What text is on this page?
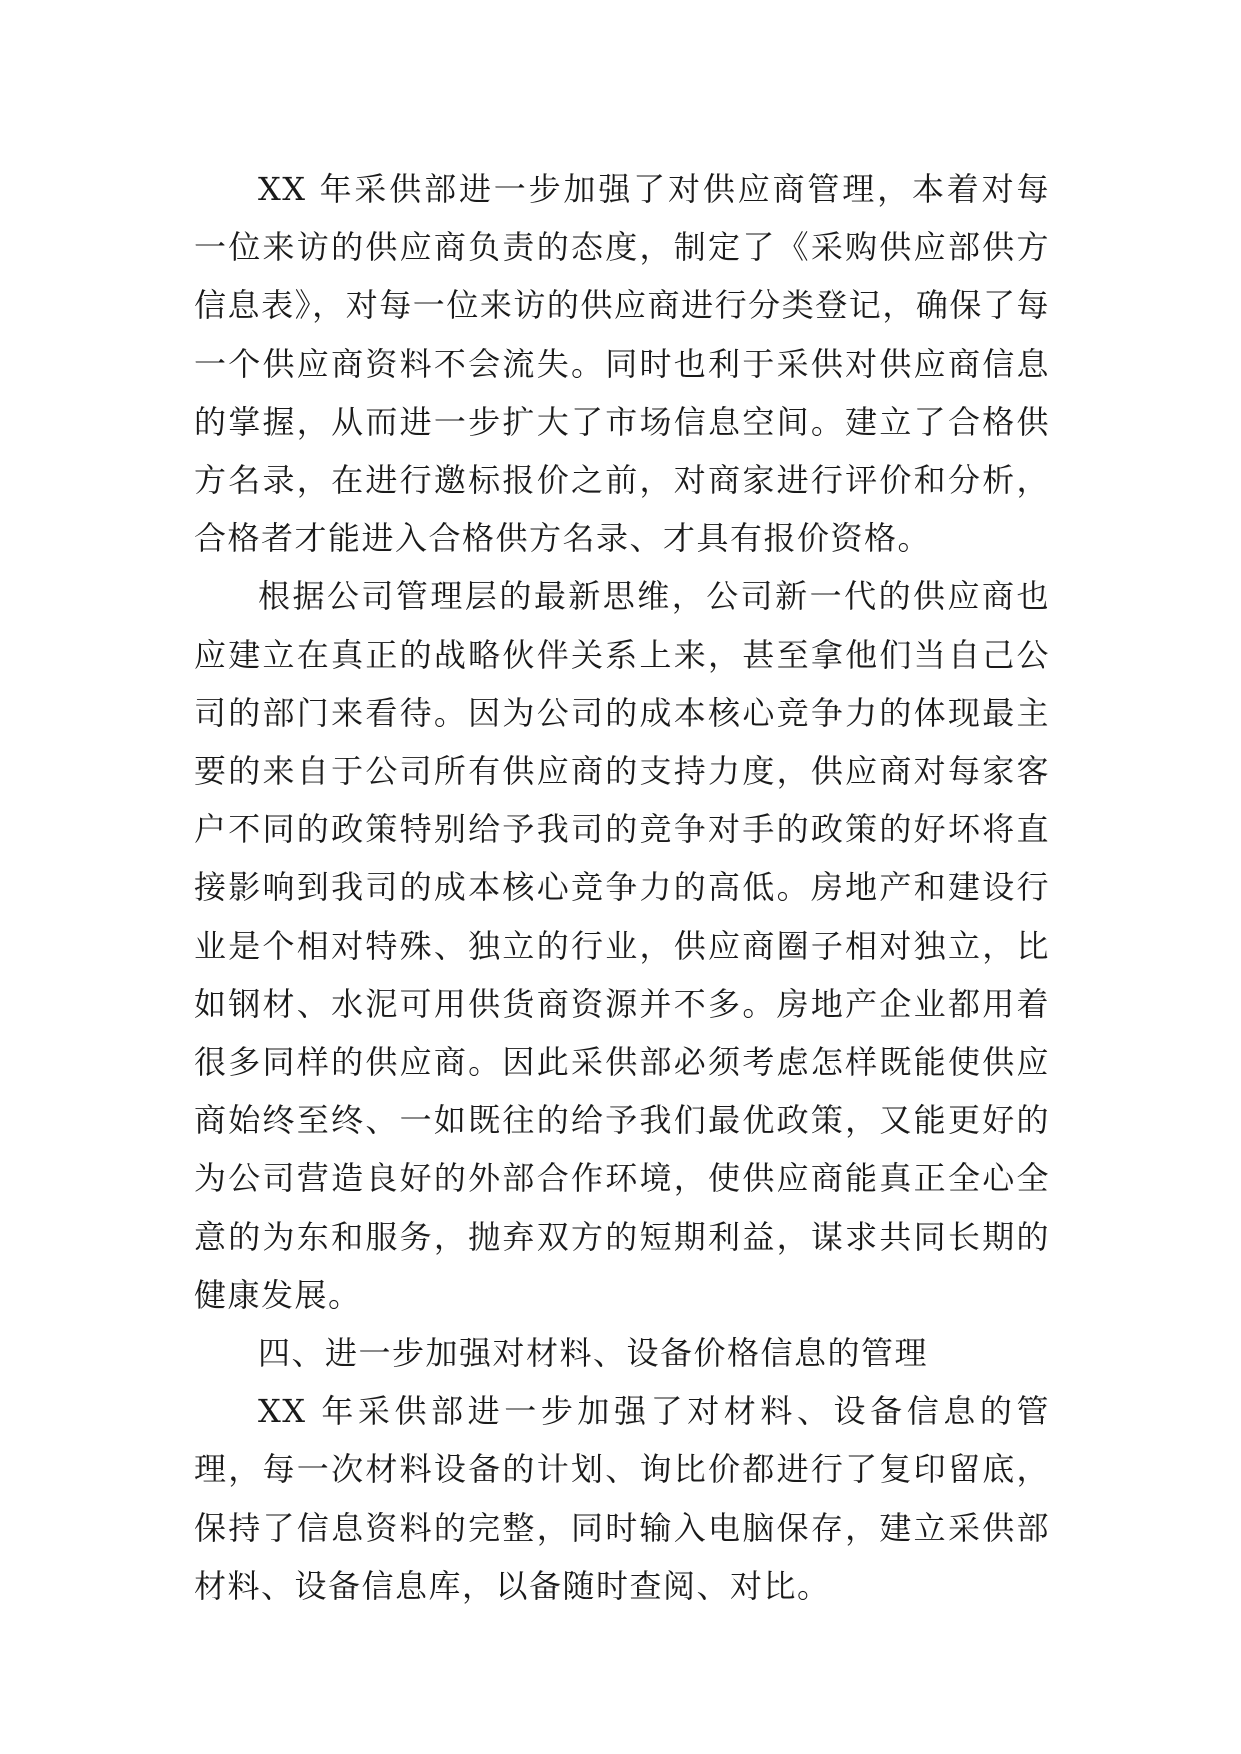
XX 年采供部进一步加强了对供应商管理，本着对每一位来访的供应商负责的态度，制定了《采购供应部供方信息表》，对每一位来访的供应商进行分类登记，确保了每一个供应商资料不会流失。同时也利于采供对供应商信息的掌握，从而进一步扩大了市场信息空间。建立了合格供方名录，在进行邀标报价之前，对商家进行评价和分析，合格者才能进入合格供方名录、才具有报价资格。

根据公司管理层的最新思维，公司新一代的供应商也应建立在真正的战略伙伴关系上来，甚至拿他们当自己公司的部门来看待。因为公司的成本核心竞争力的体现最主要的来自于公司所有供应商的支持力度，供应商对每家客户不同的政策特别给予我司的竞争对手的政策的好坏将直接影响到我司的成本核心竞争力的高低。房地产和建设行业是个相对特殊、独立的行业，供应商圈子相对独立，比如钢材、水泥可用供货商资源并不多。房地产企业都用着很多同样的供应商。因此采供部必须考虑怎样既能使供应商始终至终、一如既往的给予我们最优政策，又能更好的为公司营造良好的外部合作环境，使供应商能真正全心全意的为东和服务，抛弃双方的短期利益，谋求共同长期的健康发展。

四、进一步加强对材料、设备价格信息的管理

XX 年采供部进一步加强了对材料、设备信息的管理，每一次材料设备的计划、询比价都进行了复印留底，保持了信息资料的完整，同时输入电脑保存，建立采供部材料、设备信息库，以备随时查阅、对比。
